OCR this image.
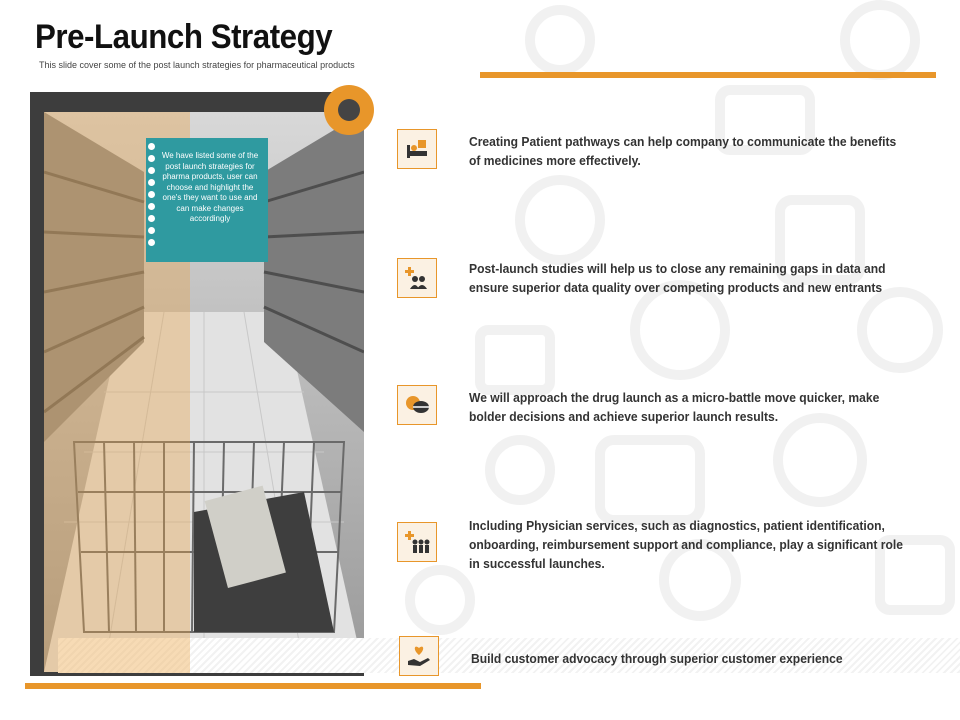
Pre-Launch Strategy
This slide cover some of the post launch strategies for pharmaceutical products
We have listed some of the post launch strategies for pharma products, user can choose and highlight the one's they want to use and can make changes accordingly
Creating Patient pathways can help company to communicate the benefits of medicines more effectively.
Post-launch studies will help us to close any remaining gaps in data and ensure superior data quality over competing products and new entrants
We will approach the drug launch as a micro-battle move quicker, make bolder decisions and achieve superior launch results.
Including Physician services, such as diagnostics, patient identification, onboarding, reimbursement support and compliance, play a significant role in successful launches.
Build customer advocacy through superior customer experience
